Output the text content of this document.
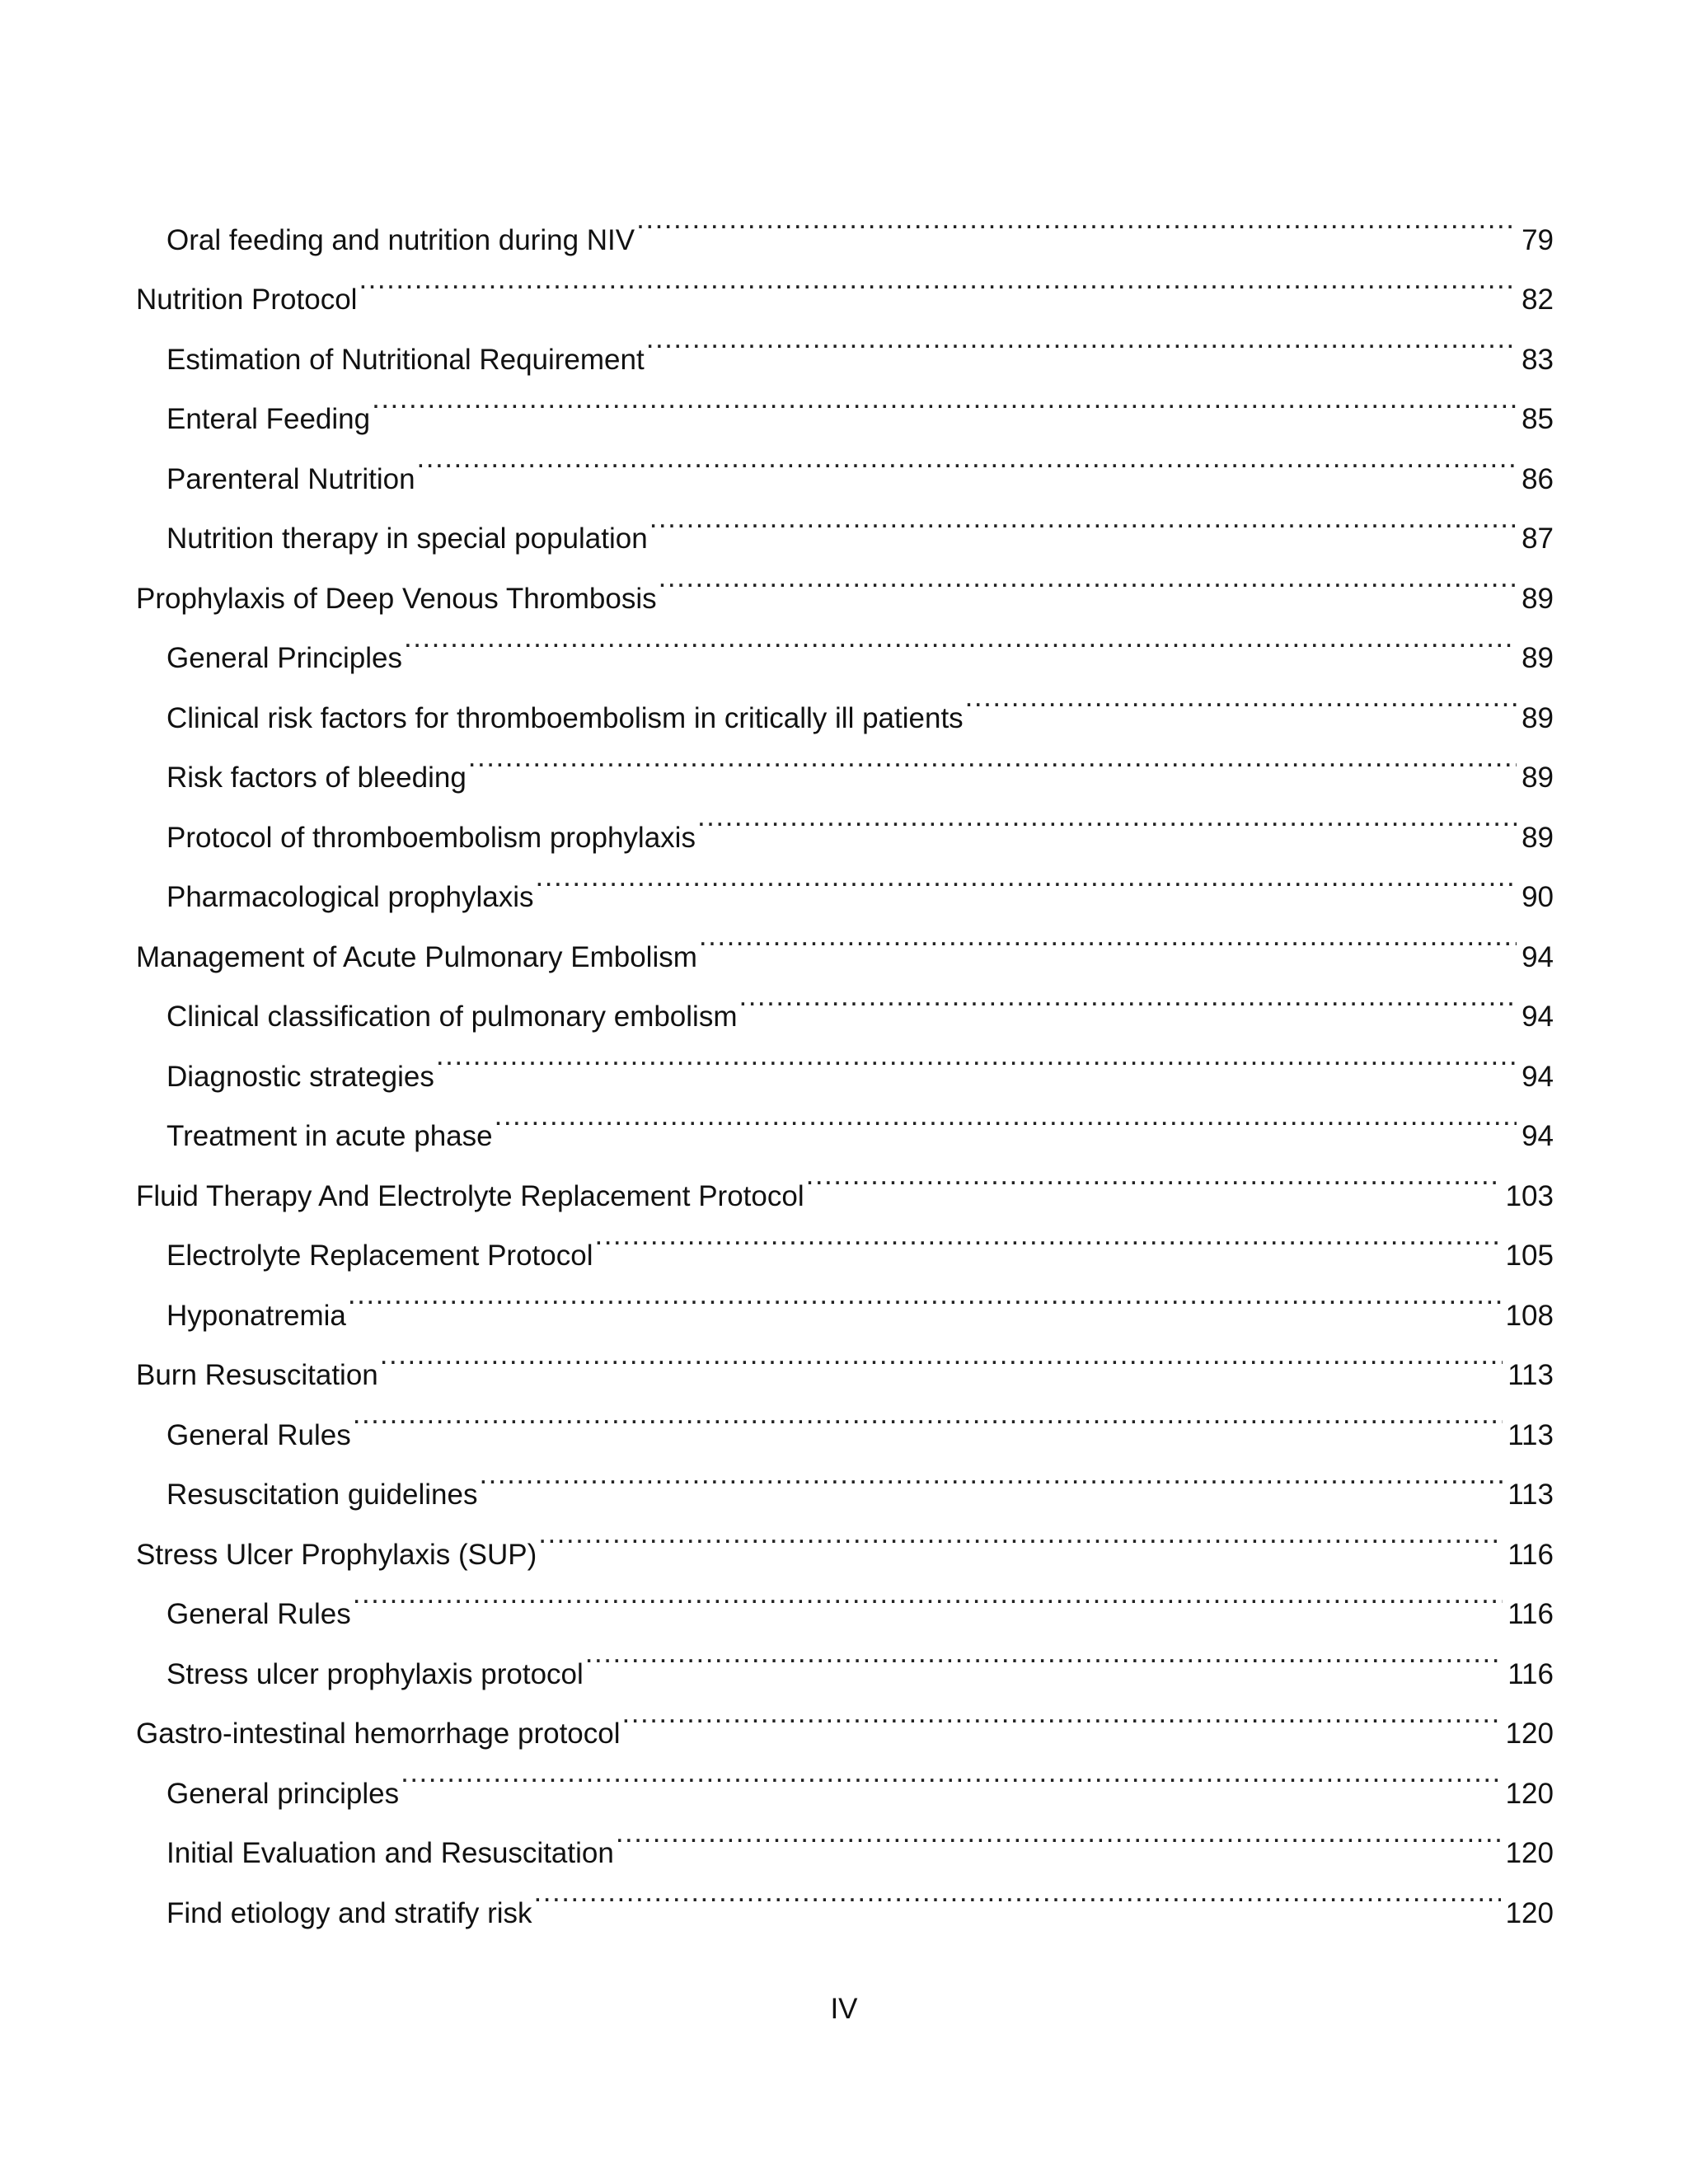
Oral feeding and nutrition during NIV .....	79
Nutrition Protocol .....	82
Estimation of Nutritional Requirement .....	83
Enteral Feeding .....	85
Parenteral Nutrition .....	86
Nutrition therapy in special population .....	87
Prophylaxis of Deep Venous Thrombosis .....	89
General Principles .....	89
Clinical risk factors for thromboembolism in critically ill patients .....	89
Risk factors of bleeding .....	89
Protocol of thromboembolism prophylaxis .....	89
Pharmacological prophylaxis .....	90
Management of Acute Pulmonary Embolism .....	94
Clinical classification of pulmonary embolism .....	94
Diagnostic strategies .....	94
Treatment in acute phase .....	94
Fluid Therapy And Electrolyte Replacement Protocol .....	103
Electrolyte Replacement Protocol .....	105
Hyponatremia .....	108
Burn Resuscitation .....	113
General Rules .....	113
Resuscitation guidelines .....	113
Stress Ulcer Prophylaxis (SUP) .....	116
General Rules .....	116
Stress ulcer prophylaxis protocol .....	116
Gastro-intestinal hemorrhage protocol .....	120
General principles .....	120
Initial Evaluation and Resuscitation .....	120
Find etiology and stratify risk .....	120
IV
